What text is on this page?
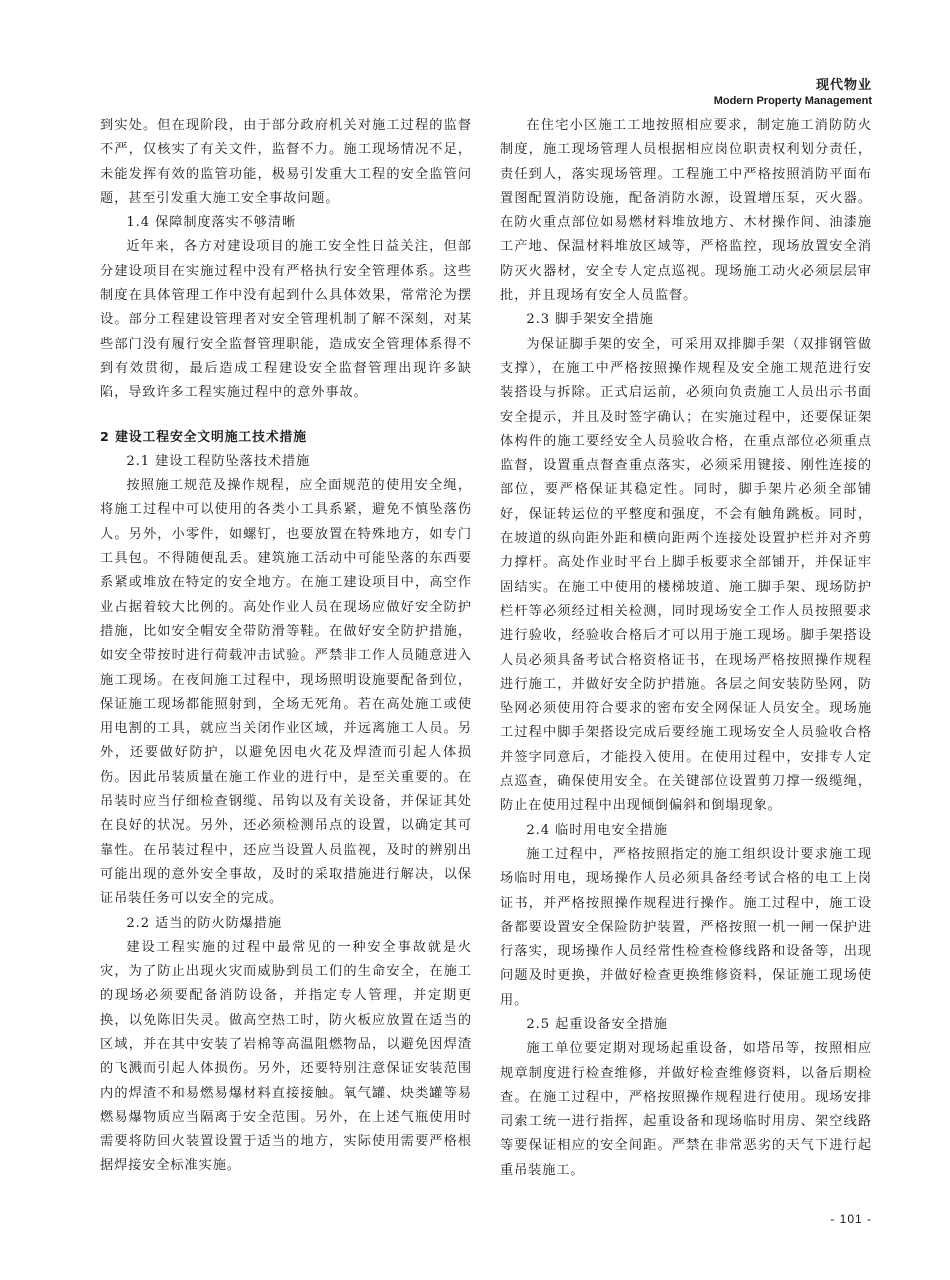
现代物业
Modern Property Management

到实处。但在现阶段，由于部分政府机关对施工过程的监督不严，仅核实了有关文件，监督不力。施工现场情况不足，未能发挥有效的监管功能，极易引发重大工程的安全监管问题，甚至引发重大施工安全事故问题。

1.4 保障制度落实不够清晰

近年来，各方对建设项目的施工安全性日益关注，但部分建设项目在实施过程中没有严格执行安全管理体系。这些制度在具体管理工作中没有起到什么具体效果，常常沦为摆设。部分工程建设管理者对安全管理机制了解不深刻，对某些部门没有履行安全监督管理职能，造成安全管理体系得不到有效贯彻，最后造成工程建设安全监督管理出现许多缺陷，导致许多工程实施过程中的意外事故。

2 建设工程安全文明施工技术措施

2.1 建设工程防坠落技术措施

按照施工规范及操作规程，应全面规范的使用安全绳，将施工过程中可以使用的各类小工具系紧，避免不慎坠落伤人。另外，小零件，如螺钉，也要放置在特殊地方，如专门工具包。不得随便乱丢。建筑施工活动中可能坠落的东西要系紧或堆放在特定的安全地方。在施工建设项目中，高空作业占据着较大比例的。高处作业人员在现场应做好安全防护措施，比如安全帽安全带防滑等鞋。在做好安全防护措施，如安全带按时进行荷载冲击试验。严禁非工作人员随意进入施工现场。在夜间施工过程中，现场照明设施要配备到位，保证施工现场都能照射到，全场无死角。若在高处施工或使用电割的工具，就应当关闭作业区域，并远离施工人员。另外，还要做好防护，以避免因电火花及焊渣而引起人体损伤。因此吊装质量在施工作业的进行中，是至关重要的。在吊装时应当仔细检查钢缆、吊钩以及有关设备，并保证其处在良好的状况。另外，还必须检测吊点的设置，以确定其可靠性。在吊装过程中，还应当设置人员监视，及时的辨别出可能出现的意外安全事故，及时的采取措施进行解决，以保证吊装任务可以安全的完成。

2.2 适当的防火防爆措施

建设工程实施的过程中最常见的一种安全事故就是火灾，为了防止出现火灾而威胁到员工们的生命安全，在施工的现场必须要配备消防设备，并指定专人管理，并定期更换，以免陈旧失灵。做高空热工时，防火板应放置在适当的区域，并在其中安装了岩棉等高温阻燃物品，以避免因焊渣的飞溅而引起人体损伤。另外，还要特别注意保证安装范围内的焊渣不和易燃易爆材料直接接触。氧气罐、炔类罐等易燃易爆物质应当隔离于安全范围。另外，在上述气瓶使用时需要将防回火装置设置于适当的地方，实际使用需要严格根据焊接安全标准实施。

在住宅小区施工工地按照相应要求，制定施工消防防火制度，施工现场管理人员根据相应岗位职责权利划分责任，责任到人，落实现场管理。工程施工中严格按照消防平面布置图配置消防设施，配备消防水源，设置增压泵，灭火器。在防火重点部位如易燃材料堆放地方、木材操作间、油漆施工产地、保温材料堆放区域等，严格监控，现场放置安全消防灭火器材，安全专人定点巡视。现场施工动火必须层层审批，并且现场有安全人员监督。

2.3 脚手架安全措施

为保证脚手架的安全，可采用双排脚手架（双排钢管做支撑），在施工中严格按照操作规程及安全施工规范进行安装搭设与拆除。正式启运前，必须向负责施工人员出示书面安全提示，并且及时签字确认；在实施过程中，还要保证架体构件的施工要经安全人员验收合格，在重点部位必须重点监督，设置重点督查重点落实，必须采用键接、刚性连接的部位，要严格保证其稳定性。同时，脚手架片必须全部铺好，保证转运位的平整度和强度，不会有触角跳板。同时，在坡道的纵向距外距和横向距两个连接处设置护栏并对齐剪力撑杆。高处作业时平台上脚手板要求全部铺开，并保证牢固结实。在施工中使用的楼梯坡道、施工脚手架、现场防护栏杆等必须经过相关检测，同时现场安全工作人员按照要求进行验收，经验收合格后才可以用于施工现场。脚手架搭设人员必须具备考试合格资格证书，在现场严格按照操作规程进行施工，并做好安全防护措施。各层之间安装防坠网，防坠网必须使用符合要求的密布安全网保证人员安全。现场施工过程中脚手架搭设完成后要经施工现场安全人员验收合格并签字同意后，才能投入使用。在使用过程中，安排专人定点巡查，确保使用安全。在关键部位设置剪刀撑一级缆绳，防止在使用过程中出现倾倒偏斜和倒塌现象。

2.4 临时用电安全措施

施工过程中，严格按照指定的施工组织设计要求施工现场临时用电，现场操作人员必须具备经考试合格的电工上岗证书，并严格按照操作规程进行操作。施工过程中，施工设备都要设置安全保险防护装置，严格按照一机一闸一保护进行落实，现场操作人员经常性检查检修线路和设备等，出现问题及时更换，并做好检查更换维修资料，保证施工现场使用。

2.5 起重设备安全措施

施工单位要定期对现场起重设备，如塔吊等，按照相应规章制度进行检查维修，并做好检查维修资料，以备后期检查。在施工过程中，严格按照操作规程进行使用。现场安排司索工统一进行指挥，起重设备和现场临时用房、架空线路等要保证相应的安全间距。严禁在非常恶劣的天气下进行起重吊装施工。

- 101 -
